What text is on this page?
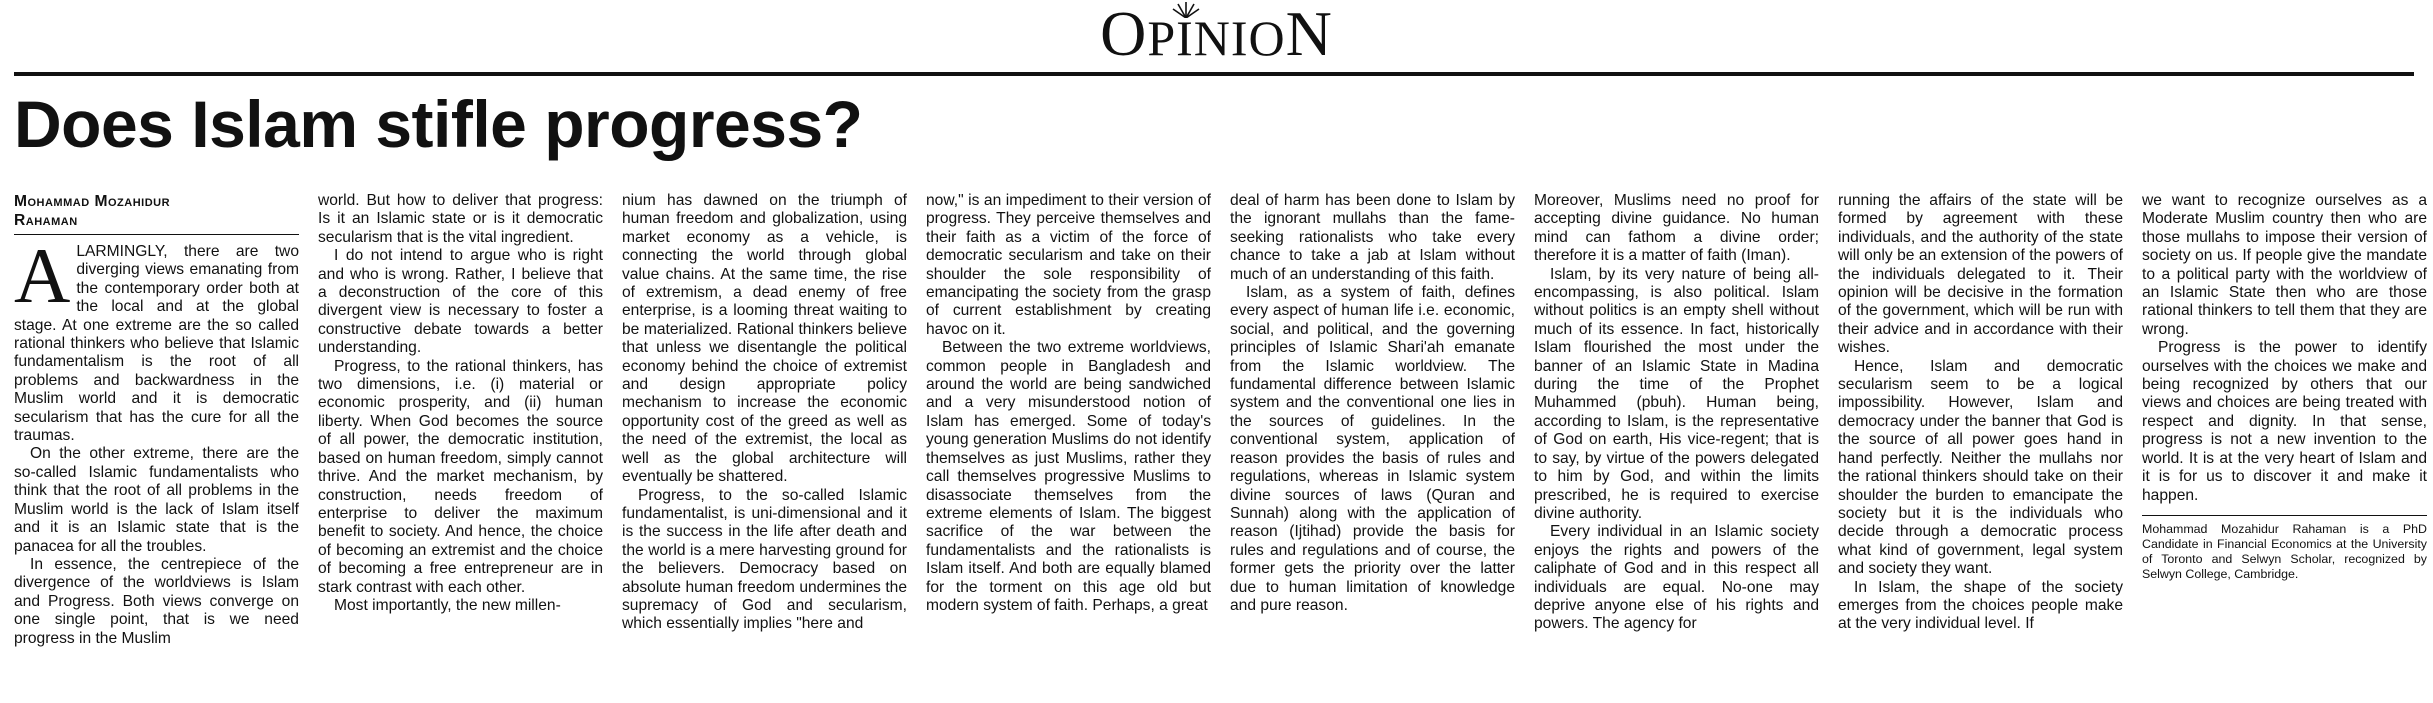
OPINION
Does Islam stifle progress?
Mohammad Mozahidur
Rahaman

ALARMINGLY, there are two diverging views emanating from the contemporary order both at the local and at the global stage. At one extreme are the so called rational thinkers who believe that Islamic fundamentalism is the root of all problems and backwardness in the Muslim world and it is democratic secularism that has the cure for all the traumas.

On the other extreme, there are the so-called Islamic fundamentalists who think that the root of all problems in the Muslim world is the lack of Islam itself and it is an Islamic state that is the panacea for all the troubles.

In essence, the centrepiece of the divergence of the worldviews is Islam and Progress. Both views converge on one single point, that is we need progress in the Muslim

world. But how to deliver that progress: Is it an Islamic state or is it democratic secularism that is the vital ingredient.

I do not intend to argue who is right and who is wrong. Rather, I believe that a deconstruction of the core of this divergent view is necessary to foster a constructive debate towards a better understanding.

Progress, to the rational thinkers, has two dimensions, i.e. (i) material or economic prosperity, and (ii) human liberty. When God becomes the source of all power, the democratic institution, based on human freedom, simply cannot thrive. And the market mechanism, by construction, needs freedom of enterprise to deliver the maximum benefit to society. And hence, the choice of becoming an extremist and the choice of becoming a free entrepreneur are in stark contrast with each other.

Most importantly, the new millen-

nium has dawned on the triumph of human freedom and globalization, using market economy as a vehicle, is connecting the world through global value chains. At the same time, the rise of extremism, a dead enemy of free enterprise, is a looming threat waiting to be materialized. Rational thinkers believe that unless we disentangle the political economy behind the choice of extremist and design appropriate policy mechanism to increase the economic opportunity cost of the greed as well as the need of the extremist, the local as well as the global architecture will eventually be shattered.

Progress, to the so-called Islamic fundamentalist, is uni-dimensional and it is the success in the life after death and the world is a mere harvesting ground for the believers. Democracy based on absolute human freedom undermines the supremacy of God and secularism, which essentially implies "here and

now," is an impediment to their version of progress. They perceive themselves and their faith as a victim of the force of democratic secularism and take on their shoulder the sole responsibility of emancipating the society from the grasp of current establishment by creating havoc on it.

Between the two extreme worldviews, common people in Bangladesh and around the world are being sandwiched and a very misunderstood notion of Islam has emerged. Some of today's young generation Muslims do not identify themselves as just Muslims, rather they call themselves progressive Muslims to disassociate themselves from the extreme elements of Islam. The biggest sacrifice of the war between the fundamentalists and the rationalists is Islam itself. And both are equally blamed for the torment on this age old but modern system of faith. Perhaps, a great

deal of harm has been done to Islam by the ignorant mullahs than the fame-seeking rationalists who take every chance to take a jab at Islam without much of an understanding of this faith.

Islam, as a system of faith, defines every aspect of human life i.e. economic, social, and political, and the governing principles of Islamic Shari'ah emanate from the Islamic worldview. The fundamental difference between Islamic system and the conventional one lies in the sources of guidelines. In the conventional system, application of reason provides the basis of rules and regulations, whereas in Islamic system divine sources of laws (Quran and Sunnah) along with the application of reason (Ijtihad) provide the basis for rules and regulations and of course, the former gets the priority over the latter due to human limitation of knowledge and pure reason.

Moreover, Muslims need no proof for accepting divine guidance. No human mind can fathom a divine order; therefore it is a matter of faith (Iman).

Islam, by its very nature of being all-encompassing, is also political. Islam without politics is an empty shell without much of its essence. In fact, historically Islam flourished the most under the banner of an Islamic State in Madina during the time of the Prophet Muhammed (pbuh). Human being, according to Islam, is the representative of God on earth, His vice-regent; that is to say, by virtue of the powers delegated to him by God, and within the limits prescribed, he is required to exercise divine authority.

Every individual in an Islamic society enjoys the rights and powers of the caliphate of God and in this respect all individuals are equal. No-one may deprive anyone else of his rights and powers. The agency for

running the affairs of the state will be formed by agreement with these individuals, and the authority of the state will only be an extension of the powers of the individuals delegated to it. Their opinion will be decisive in the formation of the government, which will be run with their advice and in accordance with their wishes.

Hence, Islam and democratic secularism seem to be a logical impossibility. However, Islam and democracy under the banner that God is the source of all power goes hand in hand perfectly. Neither the mullahs nor the rational thinkers should take on their shoulder the burden to emancipate the society but it is the individuals who decide through a democratic process what kind of government, legal system and society they want.

In Islam, the shape of the society emerges from the choices people make at the very individual level. If

we want to recognize ourselves as a Moderate Muslim country then who are those mullahs to impose their version of society on us. If people give the mandate to a political party with the worldview of an Islamic State then who are those rational thinkers to tell them that they are wrong.

Progress is the power to identify ourselves with the choices we make and being recognized by others that our views and choices are being treated with respect and dignity. In that sense, progress is not a new invention to the world. It is at the very heart of Islam and it is for us to discover it and make it happen.

Mohammad Mozahidur Rahaman is a PhD Candidate in Financial Economics at the University of Toronto and Selwyn Scholar, recognized by Selwyn College, Cambridge.
